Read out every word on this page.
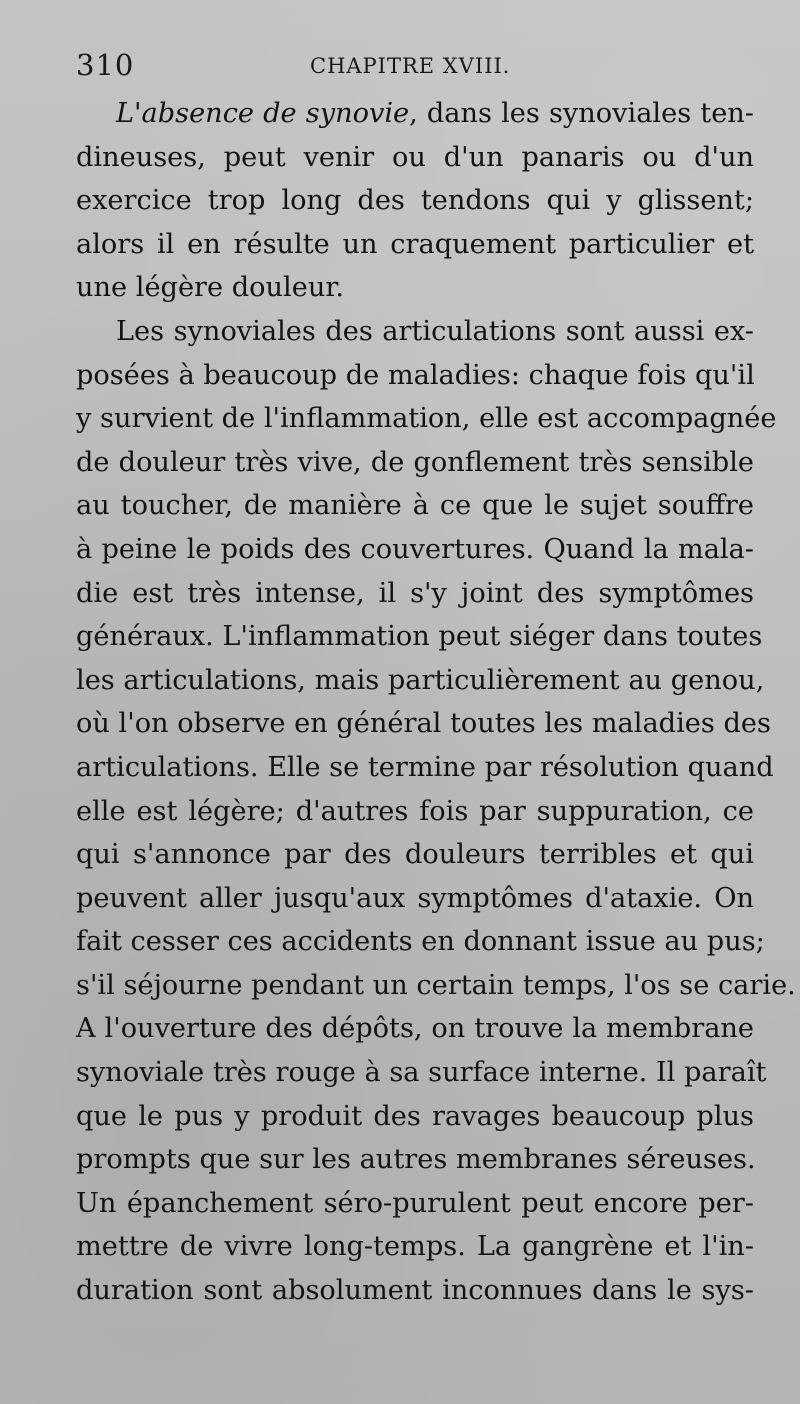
310	CHAPITRE XVIII.
L'absence de synovie, dans les synoviales ten-
dineuses, peut venir ou d'un panaris ou d'un
exercice trop long des tendons qui y glissent;
alors il en résulte un craquement particulier et
une légère douleur.
Les synoviales des articulations sont aussi ex-
posées à beaucoup de maladies: chaque fois qu'il
y survient de l'inflammation, elle est accompagnée
de douleur très vive, de gonflement très sensible
au toucher, de manière à ce que le sujet souffre
à peine le poids des couvertures. Quand la mala-
die est très intense, il s'y joint des symptômes
généraux. L'inflammation peut siéger dans toutes
les articulations, mais particulièrement au genou,
où l'on observe en général toutes les maladies des
articulations. Elle se termine par résolution quand
elle est légère; d'autres fois par suppuration, ce
qui s'annonce par des douleurs terribles et qui
peuvent aller jusqu'aux symptômes d'ataxie. On
fait cesser ces accidents en donnant issue au pus;
s'il séjourne pendant un certain temps, l'os se carie.
A l'ouverture des dépôts, on trouve la membrane
synoviale très rouge à sa surface interne. Il paraît
que le pus y produit des ravages beaucoup plus
prompts que sur les autres membranes séreuses.
Un épanchement séro-purulent peut encore per-
mettre de vivre long-temps. La gangrène et l'in-
duration sont absolument inconnues dans le sys-
